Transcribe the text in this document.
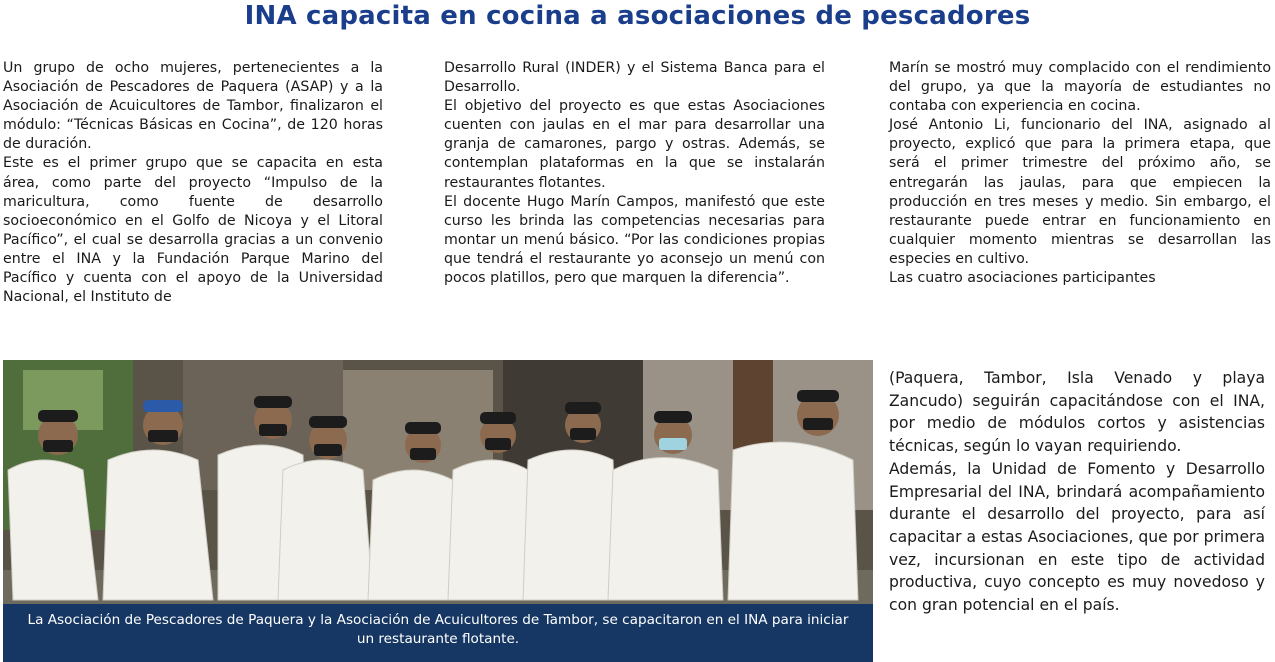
INA capacita en cocina a asociaciones de pescadores

Un grupo de ocho mujeres, pertenecientes a la Asociación de Pescadores de Paquera (ASAP) y a la Asociación de Acuicultores de Tambor, finalizaron el módulo: “Técnicas Básicas en Cocina”, de 120 horas de duración.

Este es el primer grupo que se capacita en esta área, como parte del proyecto “Impulso de la maricultura, como fuente de desarrollo socioeconómico en el Golfo de Nicoya y el Litoral Pacífico”, el cual se desarrolla gracias a un convenio entre el INA y la Fundación Parque Marino del Pacífico y cuenta con el apoyo de la Universidad Nacional, el Instituto de

Desarrollo Rural (INDER) y el Sistema Banca para el Desarrollo.

El objetivo del proyecto es que estas Asociaciones cuenten con jaulas en el mar para desarrollar una granja de camarones, pargo y ostras. Además, se contemplan plataformas en la que se instalarán restaurantes flotantes.

El docente Hugo Marín Campos, manifestó que este curso les brinda las competencias necesarias para montar un menú básico. “Por las condiciones propias que tendrá el restaurante yo aconsejo un menú con pocos platillos, pero que marquen la diferencia”.

Marín se mostró muy complacido con el rendimiento del grupo, ya que la mayoría de estudiantes no contaba con experiencia en cocina.

José Antonio Li, funcionario del INA, asignado al proyecto, explicó que para la primera etapa, que será el primer trimestre del próximo año, se entregarán las jaulas, para que empiecen la producción en tres meses y medio. Sin embargo, el restaurante puede entrar en funcionamiento en cualquier momento mientras se desarrollan las especies en cultivo.

Las cuatro asociaciones participantes

(Paquera, Tambor, Isla Venado y playa Zancudo) seguirán capacitándose con el INA, por medio de módulos cortos y asistencias técnicas, según lo vayan requiriendo.

Además, la Unidad de Fomento y Desarrollo Empresarial del INA, brindará acompañamiento durante el desarrollo del proyecto, para así capacitar a estas Asociaciones, que por primera vez, incursionan en este tipo de actividad productiva, cuyo concepto es muy novedoso y con gran potencial en el país.

La Asociación de Pescadores de Paquera y la Asociación de Acuicultores de Tambor, se capacitaron en el INA para iniciar un restaurante flotante.
